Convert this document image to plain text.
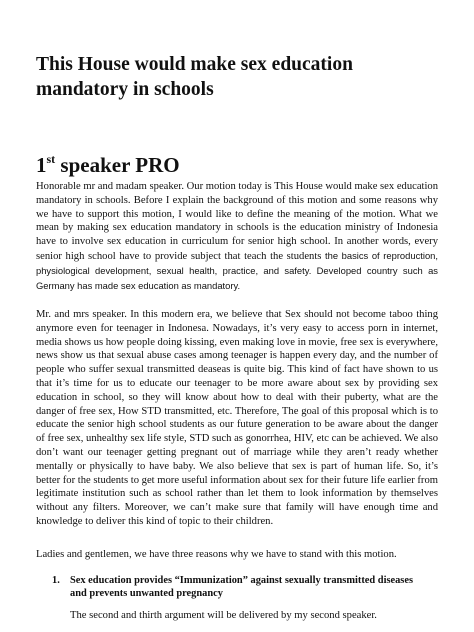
This House would make sex education mandatory in schools
1st speaker PRO

Honorable mr and madam speaker. Our motion today is This House would make sex education mandatory in schools. Before I explain the background of this motion and some reasons why we have to support this motion, I would like to define the meaning of the motion. What we mean by making sex education mandatory in schools is the education ministry of Indonesia have to involve sex education in curriculum for senior high school. In another words, every senior high school have to provide subject that teach the students the basics of reproduction, physiological development, sexual health, practice, and safety. Developed country such as Germany has made sex education as mandatory.

Mr. and mrs speaker. In this modern era, we believe that Sex should not become taboo thing anymore even for teenager in Indonesa. Nowadays, it’s very easy to access porn in internet, media shows us how people doing kissing, even making love in movie, free sex is everywhere, news show us that sexual abuse cases among teenager is happen every day, and the number of people who suffer sexual transmitted deaseas is quite big. This kind of fact have shown to us that it’s time for us to educate our teenager to be more aware about sex by providing sex education in school, so they will know about how to deal with their puberty, what are the danger of free sex, How STD transmitted, etc. Therefore, The goal of this proposal which is to educate the senior high school students as our future generation to be aware about the danger of free sex, unhealthy sex life style, STD such as gonorrhea, HIV, etc can be achieved. We also don’t want our teenager getting pregnant out of marriage while they aren’t ready whether mentally or physically to have baby. We also believe that sex is part of human life. So, it’s better for the students to get more useful information about sex for their future life earlier from legitimate institution such as school rather than let them to look information by themselves without any filters. Moreover, we can’t make sure that family will have enough time and knowledge to deliver this kind of topic to their children.

Ladies and gentlemen, we have three reasons why we have to stand with this motion.

1. Sex education provides “Immunization” against sexually transmitted diseases and prevents unwanted pregnancy

The second and thirth argument will be delivered by my second speaker.
